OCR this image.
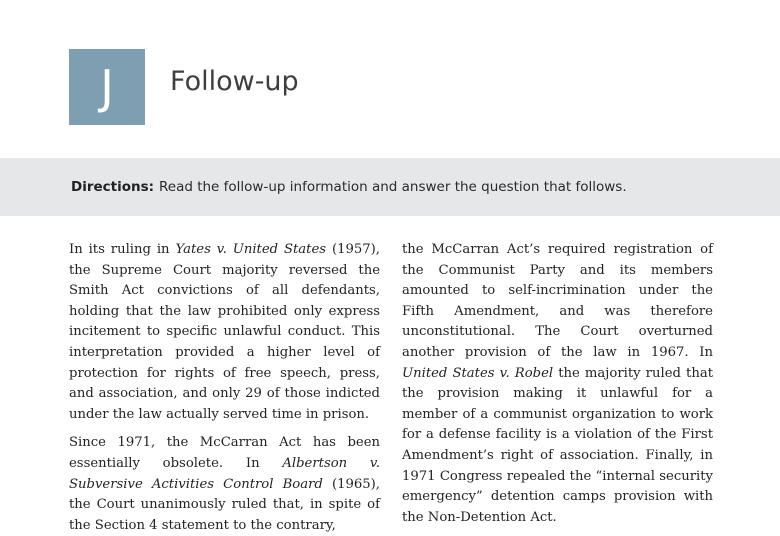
J Follow-up
Directions: Read the follow-up information and answer the question that follows.

In its ruling in Yates v. United States (1957), the Supreme Court majority reversed the Smith Act convictions of all defendants, holding that the law prohibited only express incitement to specific unlawful conduct. This interpretation provided a higher level of protection for rights of free speech, press, and association, and only 29 of those indicted under the law actually served time in prison.

Since 1971, the McCarran Act has been essentially obsolete. In Albertson v. Subversive Activities Control Board (1965), the Court unanimously ruled that, in spite of the Section 4 statement to the contrary,

the McCarran Act’s required registration of the Communist Party and its members amounted to self-incrimination under the Fifth Amendment, and was therefore unconstitutional. The Court overturned another provision of the law in 1967. In United States v. Robel the majority ruled that the provision making it unlawful for a member of a communist organization to work for a defense facility is a violation of the First Amendment’s right of association. Finally, in 1971 Congress repealed the “internal security emergency” detention camps provision with the Non-Detention Act.
